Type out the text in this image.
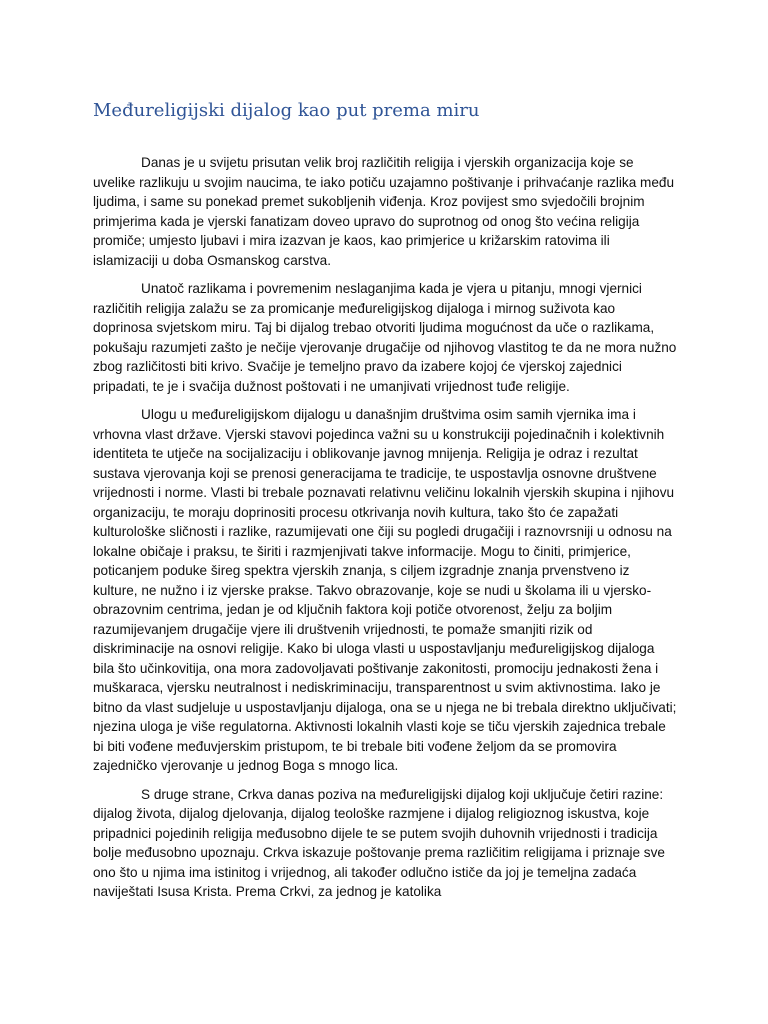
Međureligijski dijalog kao put prema miru

Danas je u svijetu prisutan velik broj različitih religija i vjerskih organizacija koje se uvelike razlikuju u svojim naucima, te iako potiču uzajamno poštivanje i prihvaćanje razlika među ljudima, i same su ponekad premet sukobljenih viđenja. Kroz povijest smo svjedočili brojnim primjerima kada je vjerski fanatizam doveo upravo do suprotnog od onog što većina religija promiče; umjesto ljubavi i mira izazvan je kaos, kao primjerice u križarskim ratovima ili islamizaciji u doba Osmanskog carstva.

Unatoč razlikama i povremenim neslaganjima kada je vjera u pitanju, mnogi vjernici različitih religija zalažu se za promicanje međureligijskog dijaloga i mirnog suživota kao doprinosa svjetskom miru. Taj bi dijalog trebao otvoriti ljudima mogućnost da uče o razlikama, pokušaju razumjeti zašto je nečije vjerovanje drugačije od njihovog vlastitog te da ne mora nužno zbog različitosti biti krivo. Svačije je temeljno pravo da izabere kojoj će vjerskoj zajednici pripadati, te je i svačija dužnost poštovati i ne umanjivati vrijednost tuđe religije.

Ulogu u međureligijskom dijalogu u današnjim društvima osim samih vjernika ima i vrhovna vlast države. Vjerski stavovi pojedinca važni su u konstrukciji pojedinačnih i kolektivnih identiteta te utječe na socijalizaciju i oblikovanje javnog mnijenja. Religija je odraz i rezultat sustava vjerovanja koji se prenosi generacijama te tradicije, te uspostavlja osnovne društvene vrijednosti i norme. Vlasti bi trebale poznavati relativnu veličinu lokalnih vjerskih skupina i njihovu organizaciju, te moraju doprinositi procesu otkrivanja novih kultura, tako što će zapažati kulturološke sličnosti i razlike, razumijevati one čiji su pogledi drugačiji i raznovrsniji u odnosu na lokalne običaje i praksu, te širiti i razmjenjivati takve informacije. Mogu to činiti, primjerice, poticanjem poduke šireg spektra vjerskih znanja, s ciljem izgradnje znanja prvenstveno iz kulture, ne nužno i iz vjerske prakse. Takvo obrazovanje, koje se nudi u školama ili u vjersko-obrazovnim centrima, jedan je od ključnih faktora koji potiče otvorenost, želju za boljim razumijevanjem drugačije vjere ili društvenih vrijednosti, te pomaže smanjiti rizik od diskriminacije na osnovi religije. Kako bi uloga vlasti u uspostavljanju međureligijskog dijaloga bila što učinkovitija, ona mora zadovoljavati poštivanje zakonitosti, promociju jednakosti žena i muškaraca, vjersku neutralnost i nediskriminaciju, transparentnost u svim aktivnostima. Iako je bitno da vlast sudjeluje u uspostavljanju dijaloga, ona se u njega ne bi trebala direktno uključivati; njezina uloga je više regulatorna. Aktivnosti lokalnih vlasti koje se tiču vjerskih zajednica trebale bi biti vođene međuvjerskim pristupom, te bi trebale biti vođene željom da se promovira zajedničko vjerovanje u jednog Boga s mnogo lica.

S druge strane, Crkva danas poziva na međureligijski dijalog koji uključuje četiri razine: dijalog života, dijalog djelovanja, dijalog teološke razmjene i dijalog religioznog iskustva, koje pripadnici pojedinih religija međusobno dijele te se putem svojih duhovnih vrijednosti i tradicija bolje međusobno upoznaju. Crkva iskazuje poštovanje prema različitim religijama i priznaje sve ono što u njima ima istinitog i vrijednog, ali također odlučno ističe da joj je temeljna zadaća naviještati Isusa Krista. Prema Crkvi, za jednog je katolika
